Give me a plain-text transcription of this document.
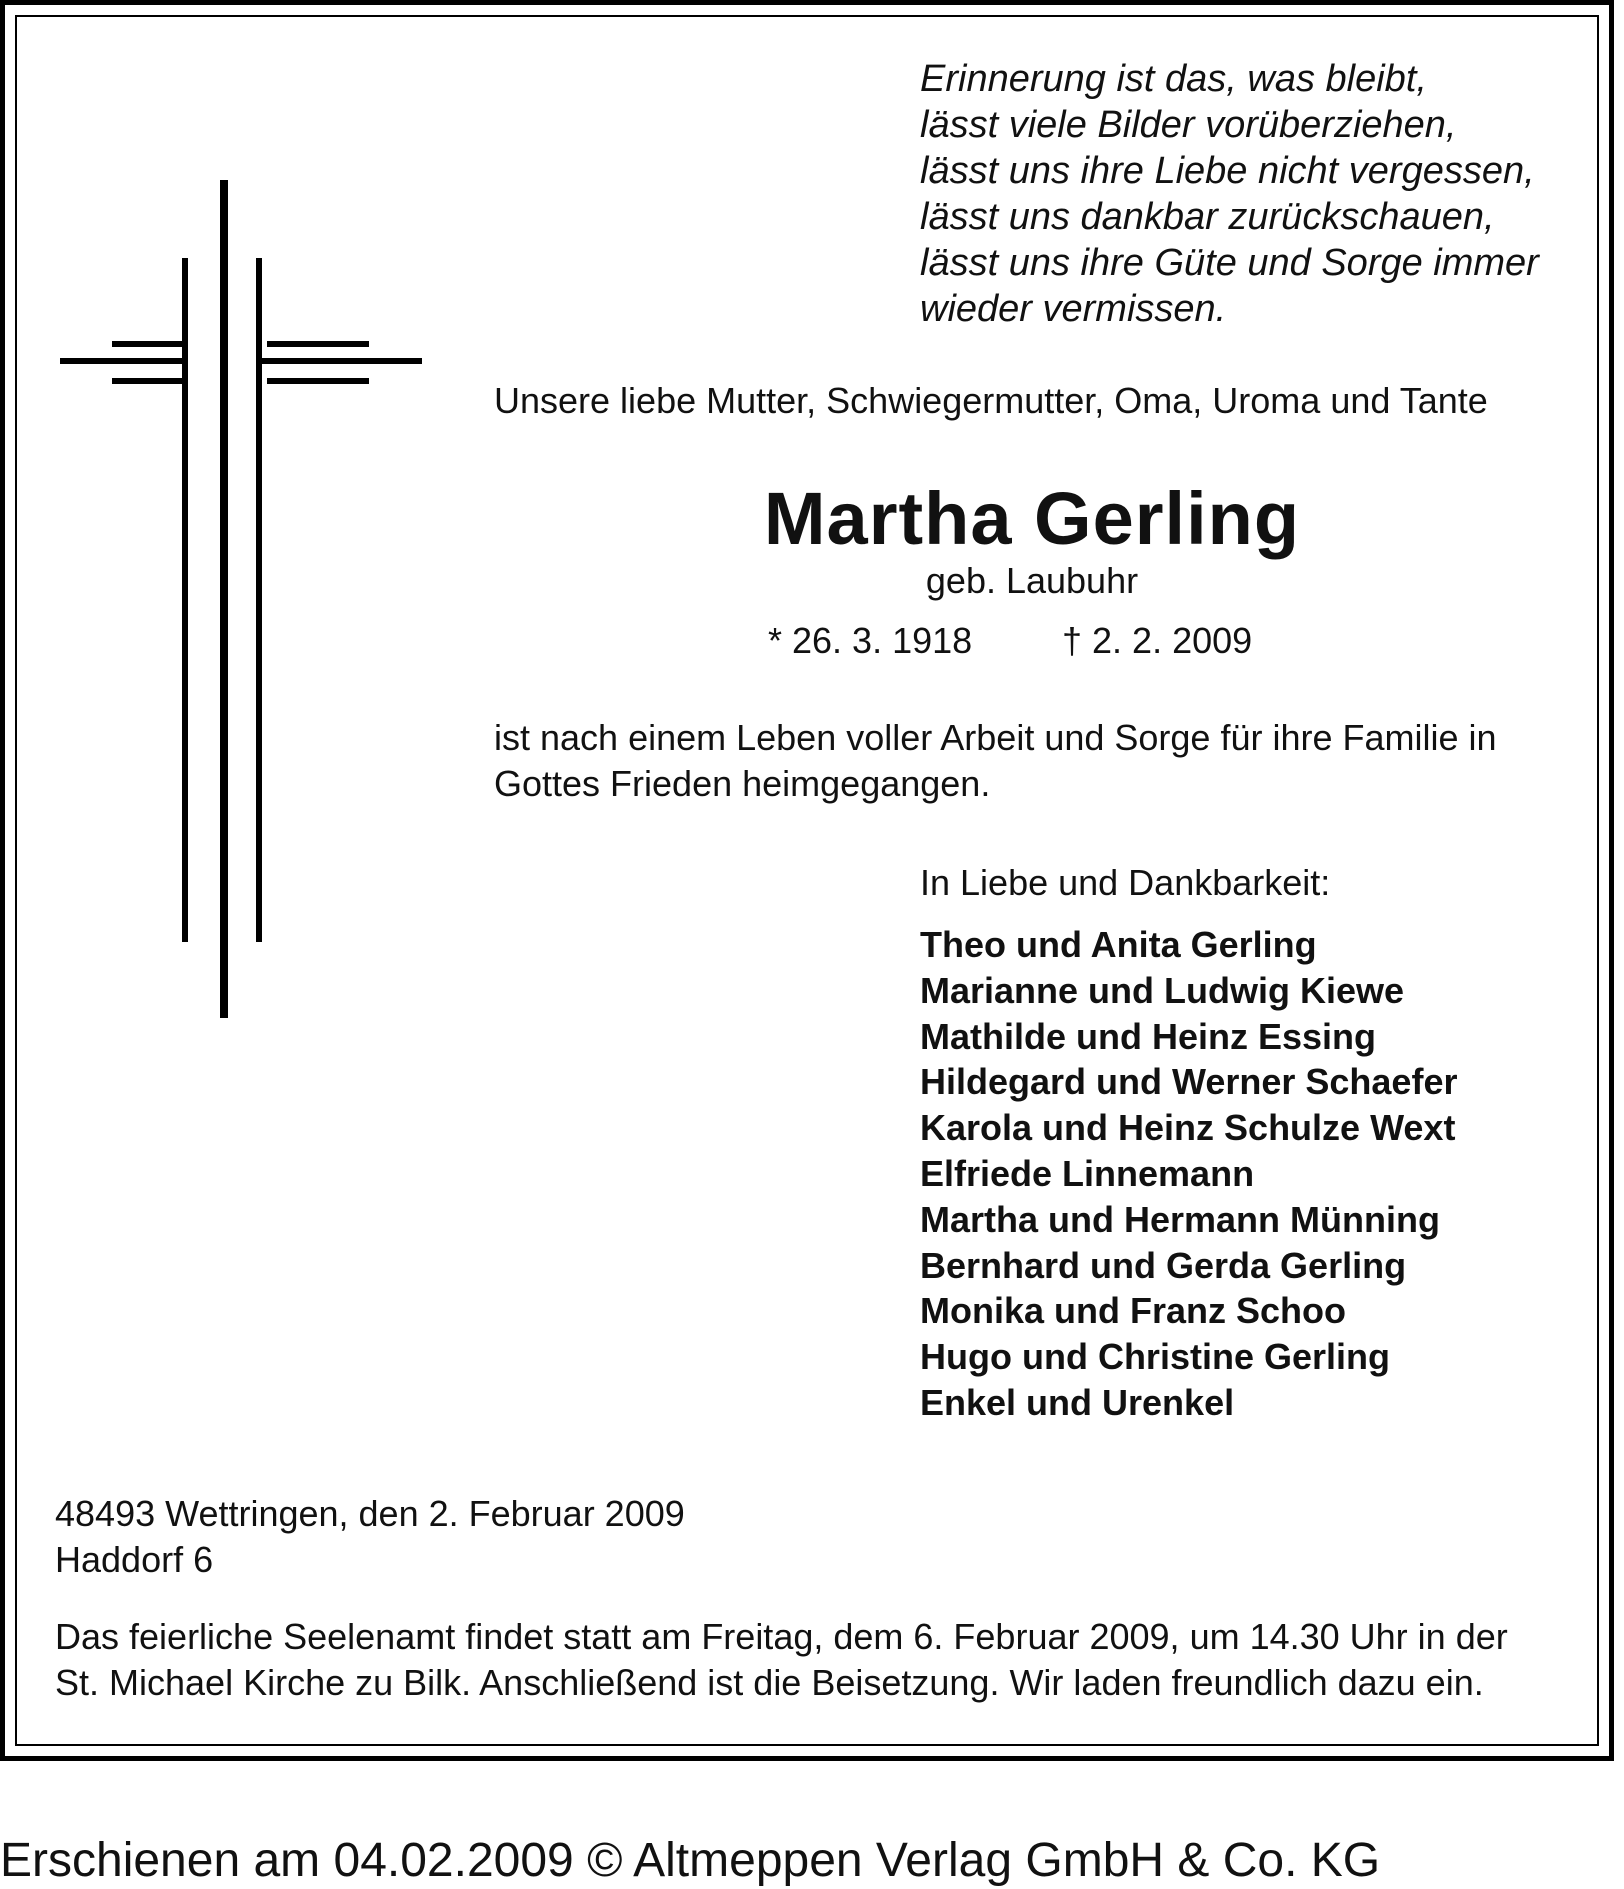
Erinnerung ist das, was bleibt,
lässt viele Bilder vorüberziehen,
lässt uns ihre Liebe nicht vergessen,
lässt uns dankbar zurückschauen,
lässt uns ihre Güte und Sorge immer
wieder vermissen.
Unsere liebe Mutter, Schwiegermutter, Oma, Uroma und Tante
Martha Gerling
geb. Laubuhr
* 26. 3. 1918 † 2. 2. 2009
ist nach einem Leben voller Arbeit und Sorge für ihre Familie in
Gottes Frieden heimgegangen.
In Liebe und Dankbarkeit:
Theo und Anita Gerling
Marianne und Ludwig Kiewe
Mathilde und Heinz Essing
Hildegard und Werner Schaefer
Karola und Heinz Schulze Wext
Elfriede Linnemann
Martha und Hermann Münning
Bernhard und Gerda Gerling
Monika und Franz Schoo
Hugo und Christine Gerling
Enkel und Urenkel
48493 Wettringen, den 2. Februar 2009
Haddorf 6
Das feierliche Seelenamt findet statt am Freitag, dem 6. Februar 2009, um 14.30 Uhr in der
St. Michael Kirche zu Bilk. Anschließend ist die Beisetzung. Wir laden freundlich dazu ein.
Erschienen am 04.02.2009 © Altmeppen Verlag GmbH & Co. KG
